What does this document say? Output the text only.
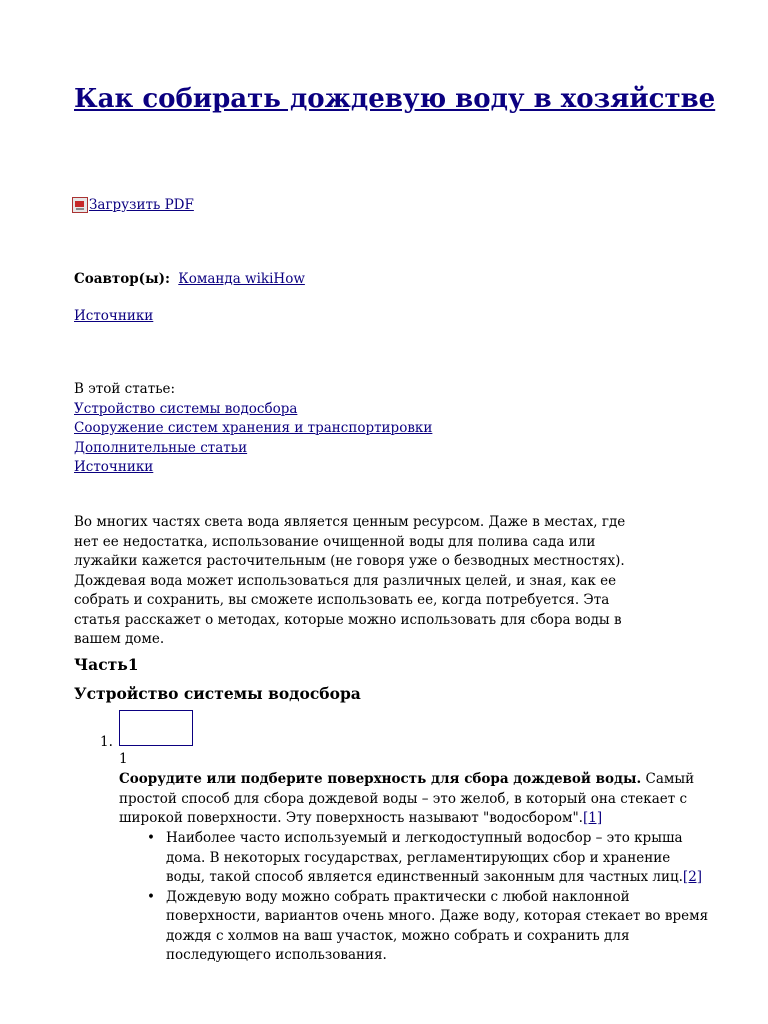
Как собирать дождевую воду в хозяйстве
Загрузить PDF
Соавтор(ы): Команда wikiHow
Источники
В этой статье:
Устройство системы водосбора
Сооружение систем хранения и транспортировки
Дополнительные статьи
Источники

Во многих частях света вода является ценным ресурсом. Даже в местах, где нет ее недостатка, использование очищенной воды для полива сада или лужайки кажется расточительным (не говоря уже о безводных местностях). Дождевая вода может использоваться для различных целей, и зная, как ее собрать и сохранить, вы сможете использовать ее, когда потребуется. Эта статья расскажет о методах, которые можно использовать для сбора воды в вашем доме.

Часть1
Устройство системы водосбора
1.
1

Соорудите или подберите поверхность для сбора дождевой воды. Самый простой способ для сбора дождевой воды – это желоб, в который она стекает с широкой поверхности. Эту поверхность называют "водосбором".[1]

• Наиболее часто используемый и легкодоступный водосбор – это крыша дома. В некоторых государствах, регламентирующих сбор и хранение воды, такой способ является единственный законным для частных лиц.[2]
• Дождевую воду можно собрать практически с любой наклонной поверхности, вариантов очень много. Даже воду, которая стекает во время дождя с холмов на ваш участок, можно собрать и сохранить для последующего использования.
